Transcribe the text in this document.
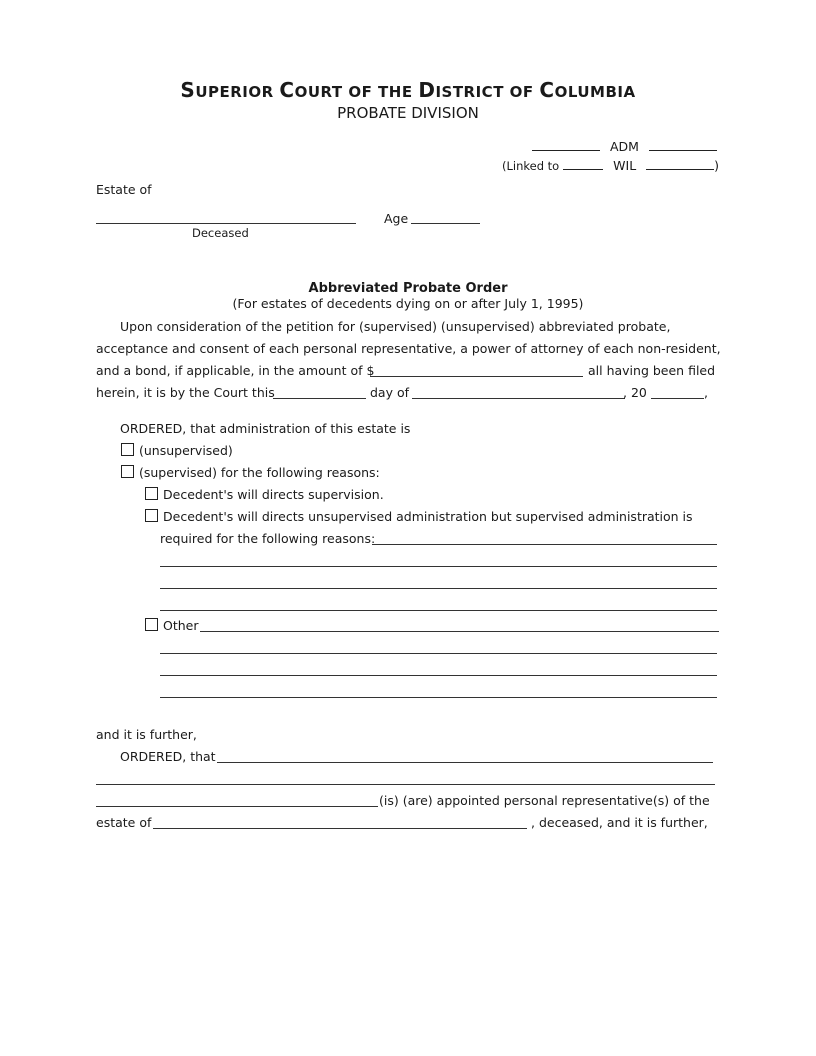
SUPERIOR COURT OF THE DISTRICT OF COLUMBIA
PROBATE DIVISION
ADM
(Linked to	WIL	)
Estate of
Age
Deceased
Abbreviated Probate Order
(For estates of decedents dying on or after July 1, 1995)
Upon consideration of the petition for (supervised) (unsupervised) abbreviated probate,
acceptance and consent of each personal representative, a power of attorney of each non-resident,
and a bond, if applicable, in the amount of $	all having been filed
herein, it is by the Court this	day of	, 20	,
ORDERED, that administration of this estate is
(unsupervised)
(supervised) for the following reasons:
Decedent's will directs supervision.
Decedent's will directs unsupervised administration but supervised administration is
required for the following reasons:
Other
and it is further,
ORDERED, that
(is) (are) appointed personal representative(s) of the
estate of	, deceased, and it is further,
